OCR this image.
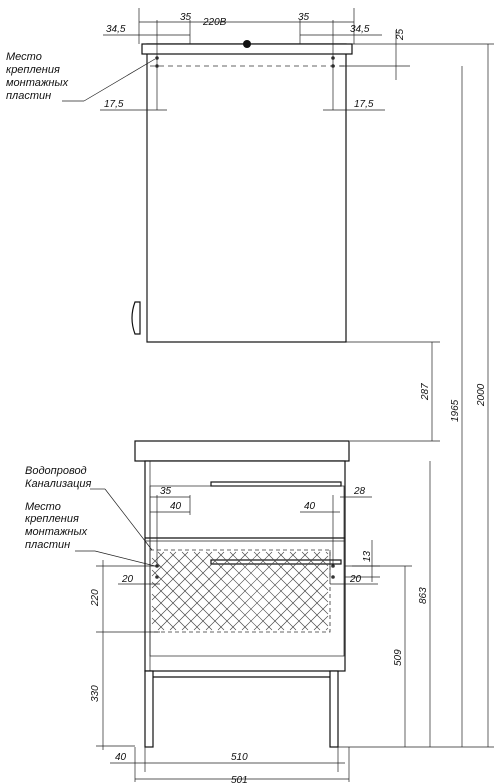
34,5
35 220В	35
34,5	25
17,5	17,5
Место
крепления
монтажных
пластин
35
40
28
40
13
20	20
220
330
40	510
501
Водопровод
Канализация
Место
крепления
монтажных
пластин
287
1965
2000
863
509
